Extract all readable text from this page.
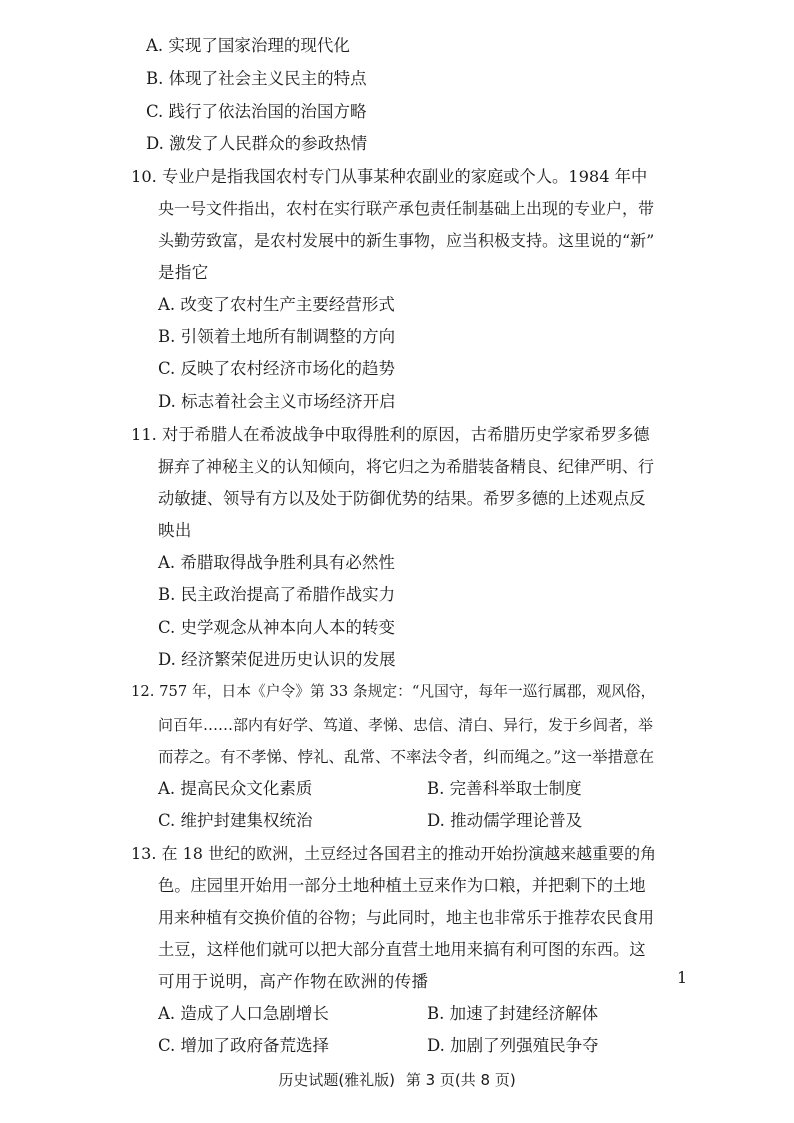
A. 实现了国家治理的现代化
B. 体现了社会主义民主的特点
C. 践行了依法治国的治国方略
D. 激发了人民群众的参政热情
10. 专业户是指我国农村专门从事某种农副业的家庭或个人。1984 年中
央一号文件指出，农村在实行联产承包责任制基础上出现的专业户，带
头勤劳致富，是农村发展中的新生事物，应当积极支持。这里说的“新”
是指它
A. 改变了农村生产主要经营形式
B. 引领着土地所有制调整的方向
C. 反映了农村经济市场化的趋势
D. 标志着社会主义市场经济开启
11. 对于希腊人在希波战争中取得胜利的原因，古希腊历史学家希罗多德
摒弃了神秘主义的认知倾向，将它归之为希腊装备精良、纪律严明、行
动敏捷、领导有方以及处于防御优势的结果。希罗多德的上述观点反
映出
A. 希腊取得战争胜利具有必然性
B. 民主政治提高了希腊作战实力
C. 史学观念从神本向人本的转变
D. 经济繁荣促进历史认识的发展
12. 757 年，日本《户令》第 33 条规定：“凡国守，每年一巡行属郡，观风俗，
问百年……部内有好学、笃道、孝悌、忠信、清白、异行，发于乡闾者，举
而荐之。有不孝悌、悖礼、乱常、不率法令者，纠而绳之。”这一举措意在
A. 提高民众文化素质	B. 完善科举取士制度
C. 维护封建集权统治	D. 推动儒学理论普及
13. 在 18 世纪的欧洲，土豆经过各国君主的推动开始扮演越来越重要的角
色。庄园里开始用一部分土地种植土豆来作为口粮，并把剩下的土地
用来种植有交换价值的谷物；与此同时，地主也非常乐于推荐农民食用
土豆，这样他们就可以把大部分直营土地用来搞有利可图的东西。这
可用于说明，高产作物在欧洲的传播
A. 造成了人口急剧增长	B. 加速了封建经济解体
C. 增加了政府备荒选择	D. 加剧了列强殖民争夺
1
历史试题(雅礼版) 第 3 页(共 8 页)
